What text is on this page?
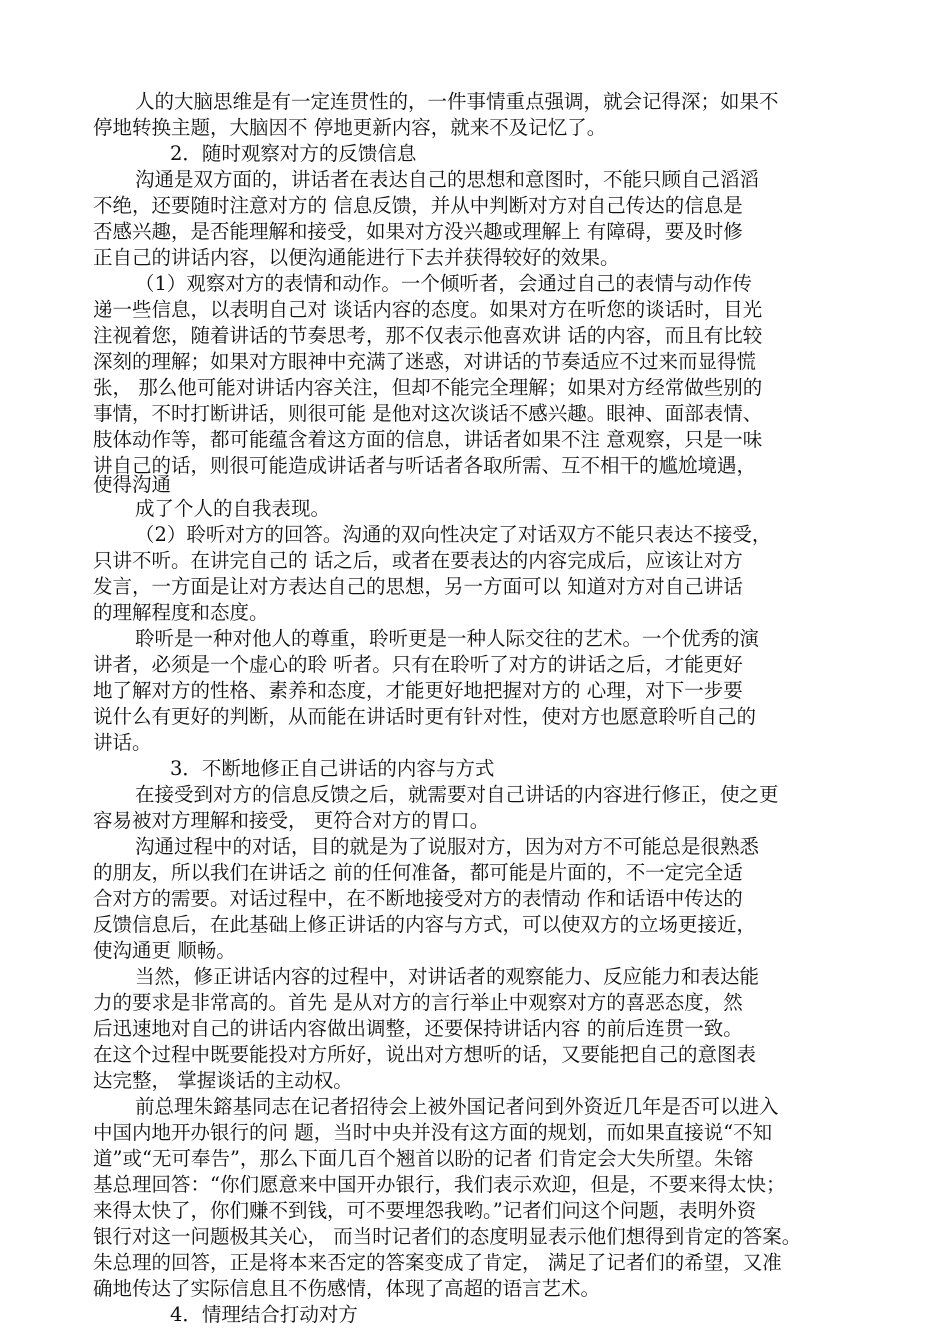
人的大脑思维是有一定连贯性的，一件事情重点强调，就会记得深；如果不
停地转换主题，大脑因不 停地更新内容，就来不及记忆了。
2．随时观察对方的反馈信息
沟通是双方面的，讲话者在表达自己的思想和意图时，不能只顾自己滔滔
不绝，还要随时注意对方的 信息反馈，并从中判断对方对自己传达的信息是
否感兴趣，是否能理解和接受，如果对方没兴趣或理解上 有障碍，要及时修
正自己的讲话内容，以便沟通能进行下去并获得较好的效果。
（1）观察对方的表情和动作。一个倾听者，会通过自己的表情与动作传
递一些信息，以表明自己对 谈话内容的态度。如果对方在听您的谈话时，目光
注视着您，随着讲话的节奏思考，那不仅表示他喜欢讲 话的内容，而且有比较
深刻的理解；如果对方眼神中充满了迷惑，对讲话的节奏适应不过来而显得慌
张， 那么他可能对讲话内容关注，但却不能完全理解；如果对方经常做些别的
事情，不时打断讲话，则很可能 是他对这次谈话不感兴趣。眼神、面部表情、
肢体动作等，都可能蕴含着这方面的信息，讲话者如果不注 意观察，只是一味
讲自己的话，则很可能造成讲话者与听话者各取所需、互不相干的尴尬境遇，
使得沟通
成了个人的自我表现。
（2）聆听对方的回答。沟通的双向性决定了对话双方不能只表达不接受，
只讲不听。在讲完自己的 话之后，或者在要表达的内容完成后，应该让对方
发言，一方面是让对方表达自己的思想，另一方面可以 知道对方对自己讲话
的理解程度和态度。
聆听是一种对他人的尊重，聆听更是一种人际交往的艺术。一个优秀的演
讲者，必须是一个虚心的聆 听者。只有在聆听了对方的讲话之后，才能更好
地了解对方的性格、素养和态度，才能更好地把握对方的 心理，对下一步要
说什么有更好的判断，从而能在讲话时更有针对性，使对方也愿意聆听自己的
讲话。
3．不断地修正自己讲话的内容与方式
在接受到对方的信息反馈之后，就需要对自己讲话的内容进行修正，使之更
容易被对方理解和接受， 更符合对方的胃口。
沟通过程中的对话，目的就是为了说服对方，因为对方不可能总是很熟悉
的朋友，所以我们在讲话之 前的任何准备，都可能是片面的，不一定完全适
合对方的需要。对话过程中，在不断地接受对方的表情动 作和话语中传达的
反馈信息后，在此基础上修正讲话的内容与方式，可以使双方的立场更接近，
使沟通更 顺畅。
当然，修正讲话内容的过程中，对讲话者的观察能力、反应能力和表达能
力的要求是非常高的。首先 是从对方的言行举止中观察对方的喜恶态度，然
后迅速地对自己的讲话内容做出调整，还要保持讲话内容 的前后连贯一致。
在这个过程中既要能投对方所好，说出对方想听的话，又要能把自己的意图表
达完整， 掌握谈话的主动权。
前总理朱鎔基同志在记者招待会上被外国记者问到外资近几年是否可以进入
中国内地开办银行的问 题，当时中央并没有这方面的规划，而如果直接说“不知
道”或“无可奉告”，那么下面几百个翘首以盼的记者 们肯定会大失所望。朱镕
基总理回答：“你们愿意来中国开办银行，我们表示欢迎，但是，不要来得太快；
来得太快了，你们赚不到钱，可不要埋怨我哟。”记者们问这个问题，表明外资
银行对这一问题极其关心， 而当时记者们的态度明显表示他们想得到肯定的答案。
朱总理的回答，正是将本来否定的答案变成了肯定， 满足了记者们的希望，又准
确地传达了实际信息且不伤感情，体现了高超的语言艺术。
4．情理结合打动对方
